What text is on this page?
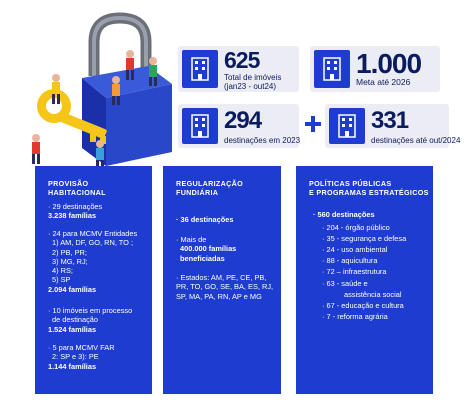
625
Total de imóveis
(jan23 - out24)
1.000
Meta até 2026
294
destinações em 2023
331
destinações até out/2024
PROVISÃO
HABITACIONAL
· 29 destinações
3.238 famílias
· 24 para MCMV Entidades
1) AM, DF, GO, RN, TO ;
2) PB, PR;
3) MG, RJ;
4) RS;
5) SP
2.094 famílias
· 10 imóveis em processo
de destinação
1.524 famílias
· 5 para MCMV FAR
2: SP e 3): PE
1.144 famílias
REGULARIZAÇÃO
FUNDIÁRIA
· 36 destinações
· Mais de
400.000 famílias
beneficiadas
· Estados: AM, PE, CE, PB,
PR, TO, GO, SE, BA, ES, RJ,
SP, MA, PA, RN, AP e MG
POLÍTICAS PÚBLICAS
E PROGRAMAS ESTRATÉGICOS
· 560 destinações
· 204 - órgão público
· 35 - segurança e defesa
· 24 - uso ambiental
· 88 - aquicultura
· 72 – infraestrutura
· 63 - saúde e
assistência social
· 67 - educação e cultura
· 7 - reforma agrária
